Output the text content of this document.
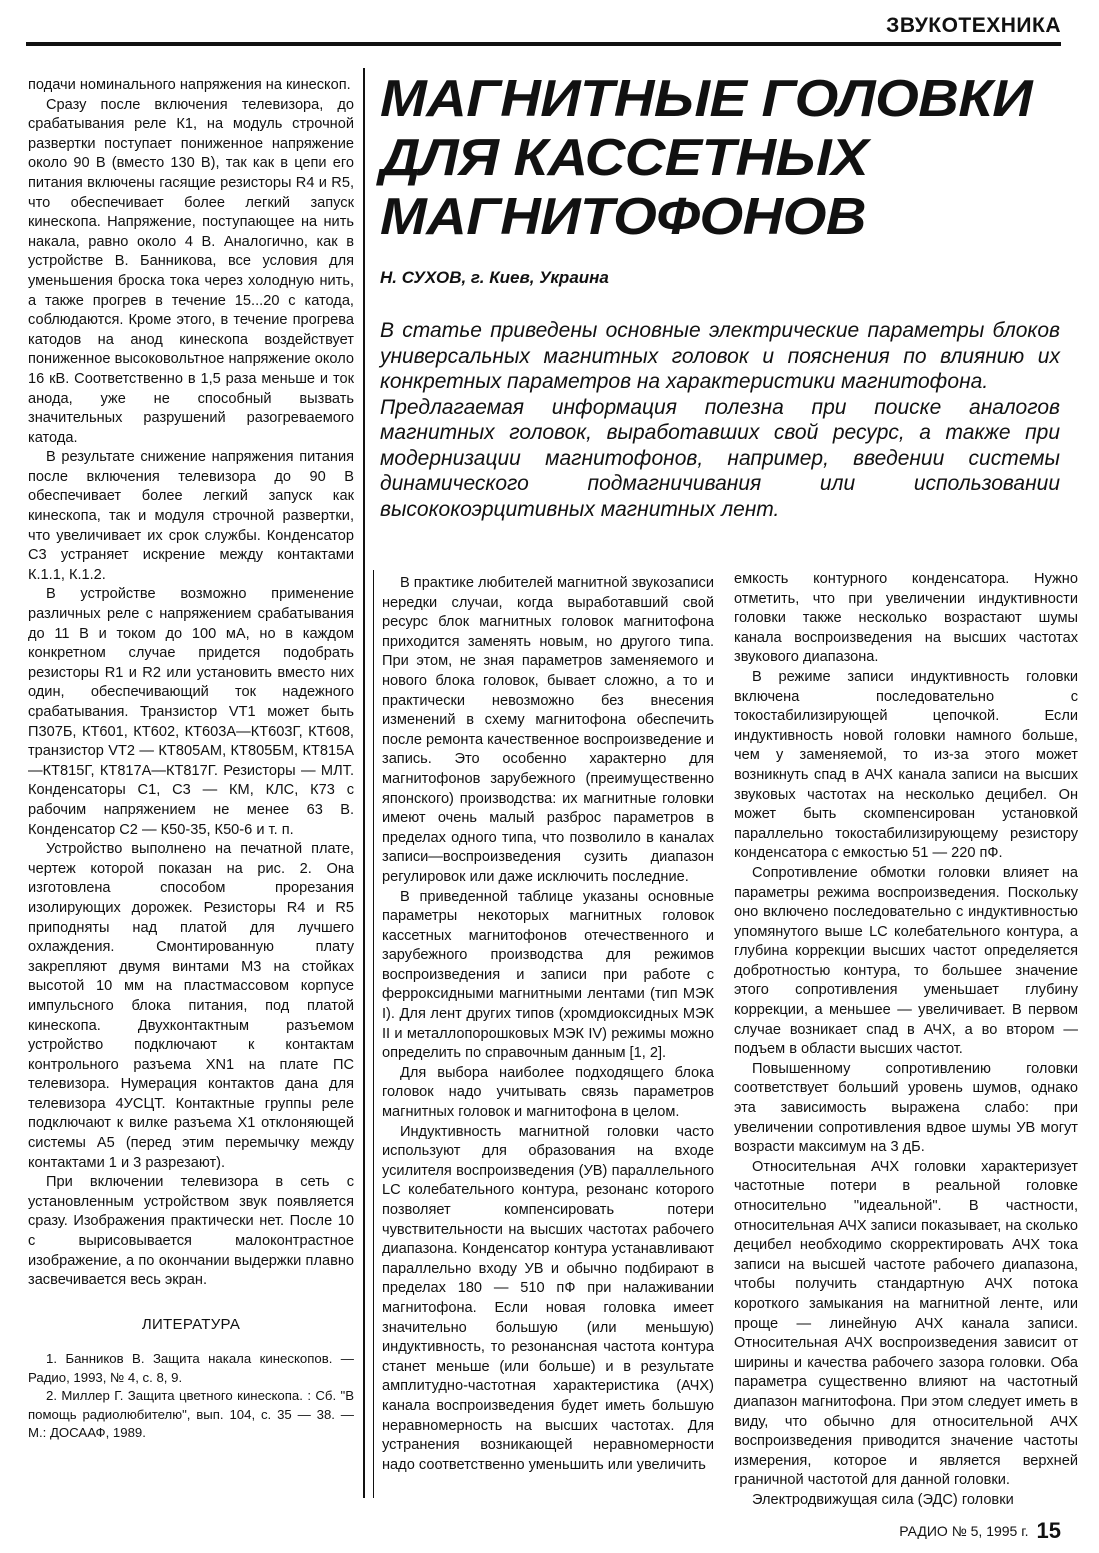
ЗВУКОТЕХНИКА

подачи номинального напряжения на кинескоп.

Сразу после включения телевизора, до срабатывания реле К1, на модуль строчной развертки поступает пониженное напряжение около 90 В (вместо 130 В), так как в цепи его питания включены гасящие резисторы R4 и R5, что обеспечивает более легкий запуск кинескопа. Напряжение, поступающее на нить накала, равно около 4 В. Аналогично, как в устройстве В. Банникова, все условия для уменьшения броска тока через холодную нить, а также прогрев в течение 15...20 с катода, соблюдаются. Кроме этого, в течение прогрева катодов на анод кинескопа воздействует пониженное высоковольтное напряжение около 16 кВ. Соответственно в 1,5 раза меньше и ток анода, уже не способный вызвать значительных разрушений разогреваемого катода.

В результате снижение напряжения питания после включения телевизора до 90 В обеспечивает более легкий запуск как кинескопа, так и модуля строчной развертки, что увеличивает их срок службы. Конденсатор С3 устраняет искрение между контактами К.1.1, К.1.2.

В устройстве возможно применение различных реле с напряжением срабатывания до 11 В и током до 100 мА, но в каждом конкретном случае придется подобрать резисторы R1 и R2 или установить вместо них один, обеспечивающий ток надежного срабатывания. Транзистор VT1 может быть П307Б, КТ601, КТ602, КТ603А—КТ603Г, КТ608, транзистор VT2 — КТ805АМ, КТ805БМ, КТ815А—КТ815Г, КТ817А—КТ817Г. Резисторы — МЛТ. Конденсаторы С1, С3 — КМ, КЛС, К73 с рабочим напряжением не менее 63 В. Конденсатор С2 — К50-35, К50-6 и т. п.

Устройство выполнено на печатной плате, чертеж которой показан на рис. 2. Она изготовлена способом прорезания изолирующих дорожек. Резисторы R4 и R5 приподняты над платой для лучшего охлаждения. Смонтированную плату закрепляют двумя винтами М3 на стойках высотой 10 мм на пластмассовом корпусе импульсного блока питания, под платой кинескопа. Двухконтактным разъемом устройство подключают к контактам контрольного разъема XN1 на плате ПС телевизора. Нумерация контактов дана для телевизора 4УСЦТ. Контактные группы реле подключают к вилке разъема Х1 отклоняющей системы А5 (перед этим перемычку между контактами 1 и 3 разрезают).

При включении телевизора в сеть с установленным устройством звук появляется сразу. Изображения практически нет. После 10 с вырисовывается малоконтрастное изображение, а по окончании выдержки плавно засвечивается весь экран.

ЛИТЕРАТУРА

1. Банников В. Защита накала кинескопов. — Радио, 1993, № 4, с. 8, 9.

2. Миллер Г. Защита цветного кинескопа. : Сб. "В помощь радиолюбителю", вып. 104, с. 35 — 38. — М.: ДОСААФ, 1989.

МАГНИТНЫЕ ГОЛОВКИ
ДЛЯ КАССЕТНЫХ
МАГНИТОФОНОВ
Н. СУХОВ, г. Киев, Украина

В статье приведены основные электрические параметры блоков универсальных магнитных головок и пояснения по влиянию их конкретных параметров на характеристики магнитофона.

Предлагаемая информация полезна при поиске аналогов магнитных головок, выработавших свой ресурс, а также при модернизации магнитофонов, например, введении системы динамического подмагничивания или использовании высококоэрцитивных магнитных лент.

В практике любителей магнитной звукозаписи нередки случаи, когда выработавший свой ресурс блок магнитных головок магнитофона приходится заменять новым, но другого типа. При этом, не зная параметров заменяемого и нового блока головок, бывает сложно, а то и практически невозможно без внесения изменений в схему магнитофона обеспечить после ремонта качественное воспроизведение и запись. Это особенно характерно для магнитофонов зарубежного (преимущественно японского) производства: их магнитные головки имеют очень малый разброс параметров в пределах одного типа, что позволило в каналах записи—воспроизведения сузить диапазон регулировок или даже исключить последние.

В приведенной таблице указаны основные параметры некоторых магнитных головок кассетных магнитофонов отечественного и зарубежного производства для режимов воспроизведения и записи при работе с ферроксидными магнитными лентами (тип МЭК I). Для лент других типов (хромдиоксидных МЭК II и металлопорошковых МЭК IV) режимы можно определить по справочным данным [1, 2].

Для выбора наиболее подходящего блока головок надо учитывать связь параметров магнитных головок и магнитофона в целом.

Индуктивность магнитной головки часто используют для образования на входе усилителя воспроизведения (УВ) параллельного LC колебательного контура, резонанс которого позволяет компенсировать потери чувствительности на высших частотах рабочего диапазона. Конденсатор контура устанавливают параллельно входу УВ и обычно подбирают в пределах 180 — 510 пФ при налаживании магнитофона. Если новая головка имеет значительно большую (или меньшую) индуктивность, то резонансная частота контура станет меньше (или больше) и в результате амплитудно-частотная характеристика (АЧХ) канала воспроизведения будет иметь большую неравномерность на высших частотах. Для устранения возникающей неравномерности надо соответственно уменьшить или увеличить

емкость контурного конденсатора. Нужно отметить, что при увеличении индуктивности головки также несколько возрастают шумы канала воспроизведения на высших частотах звукового диапазона.

В режиме записи индуктивность головки включена последовательно с токостабилизирующей цепочкой. Если индуктивность новой головки намного больше, чем у заменяемой, то из-за этого может возникнуть спад в АЧХ канала записи на высших звуковых частотах на несколько децибел. Он может быть скомпенсирован установкой параллельно токостабилизирующему резистору конденсатора с емкостью 51 — 220 пФ.

Сопротивление обмотки головки влияет на параметры режима воспроизведения. Поскольку оно включено последовательно с индуктивностью упомянутого выше LC колебательного контура, а глубина коррекции высших частот определяется добротностью контура, то большее значение этого сопротивления уменьшает глубину коррекции, а меньшее — увеличивает. В первом случае возникает спад в АЧХ, а во втором — подъем в области высших частот.

Повышенному сопротивлению головки соответствует больший уровень шумов, однако эта зависимость выражена слабо: при увеличении сопротивления вдвое шумы УВ могут возрасти максимум на 3 дБ.

Относительная АЧХ головки характеризует частотные потери в реальной головке относительно "идеальной". В частности, относительная АЧХ записи показывает, на сколько децибел необходимо скорректировать АЧХ тока записи на высшей частоте рабочего диапазона, чтобы получить стандартную АЧХ потока короткого замыкания на магнитной ленте, или проще — линейную АЧХ канала записи. Относительная АЧХ воспроизведения зависит от ширины и качества рабочего зазора головки. Оба параметра существенно влияют на частотный диапазон магнитофона. При этом следует иметь в виду, что обычно для относительной АЧХ воспроизведения приводится значение частоты измерения, которое и является верхней граничной частотой для данной головки.

Электродвижущая сила (ЭДС) головки

РАДИО № 5, 1995 г. 15
